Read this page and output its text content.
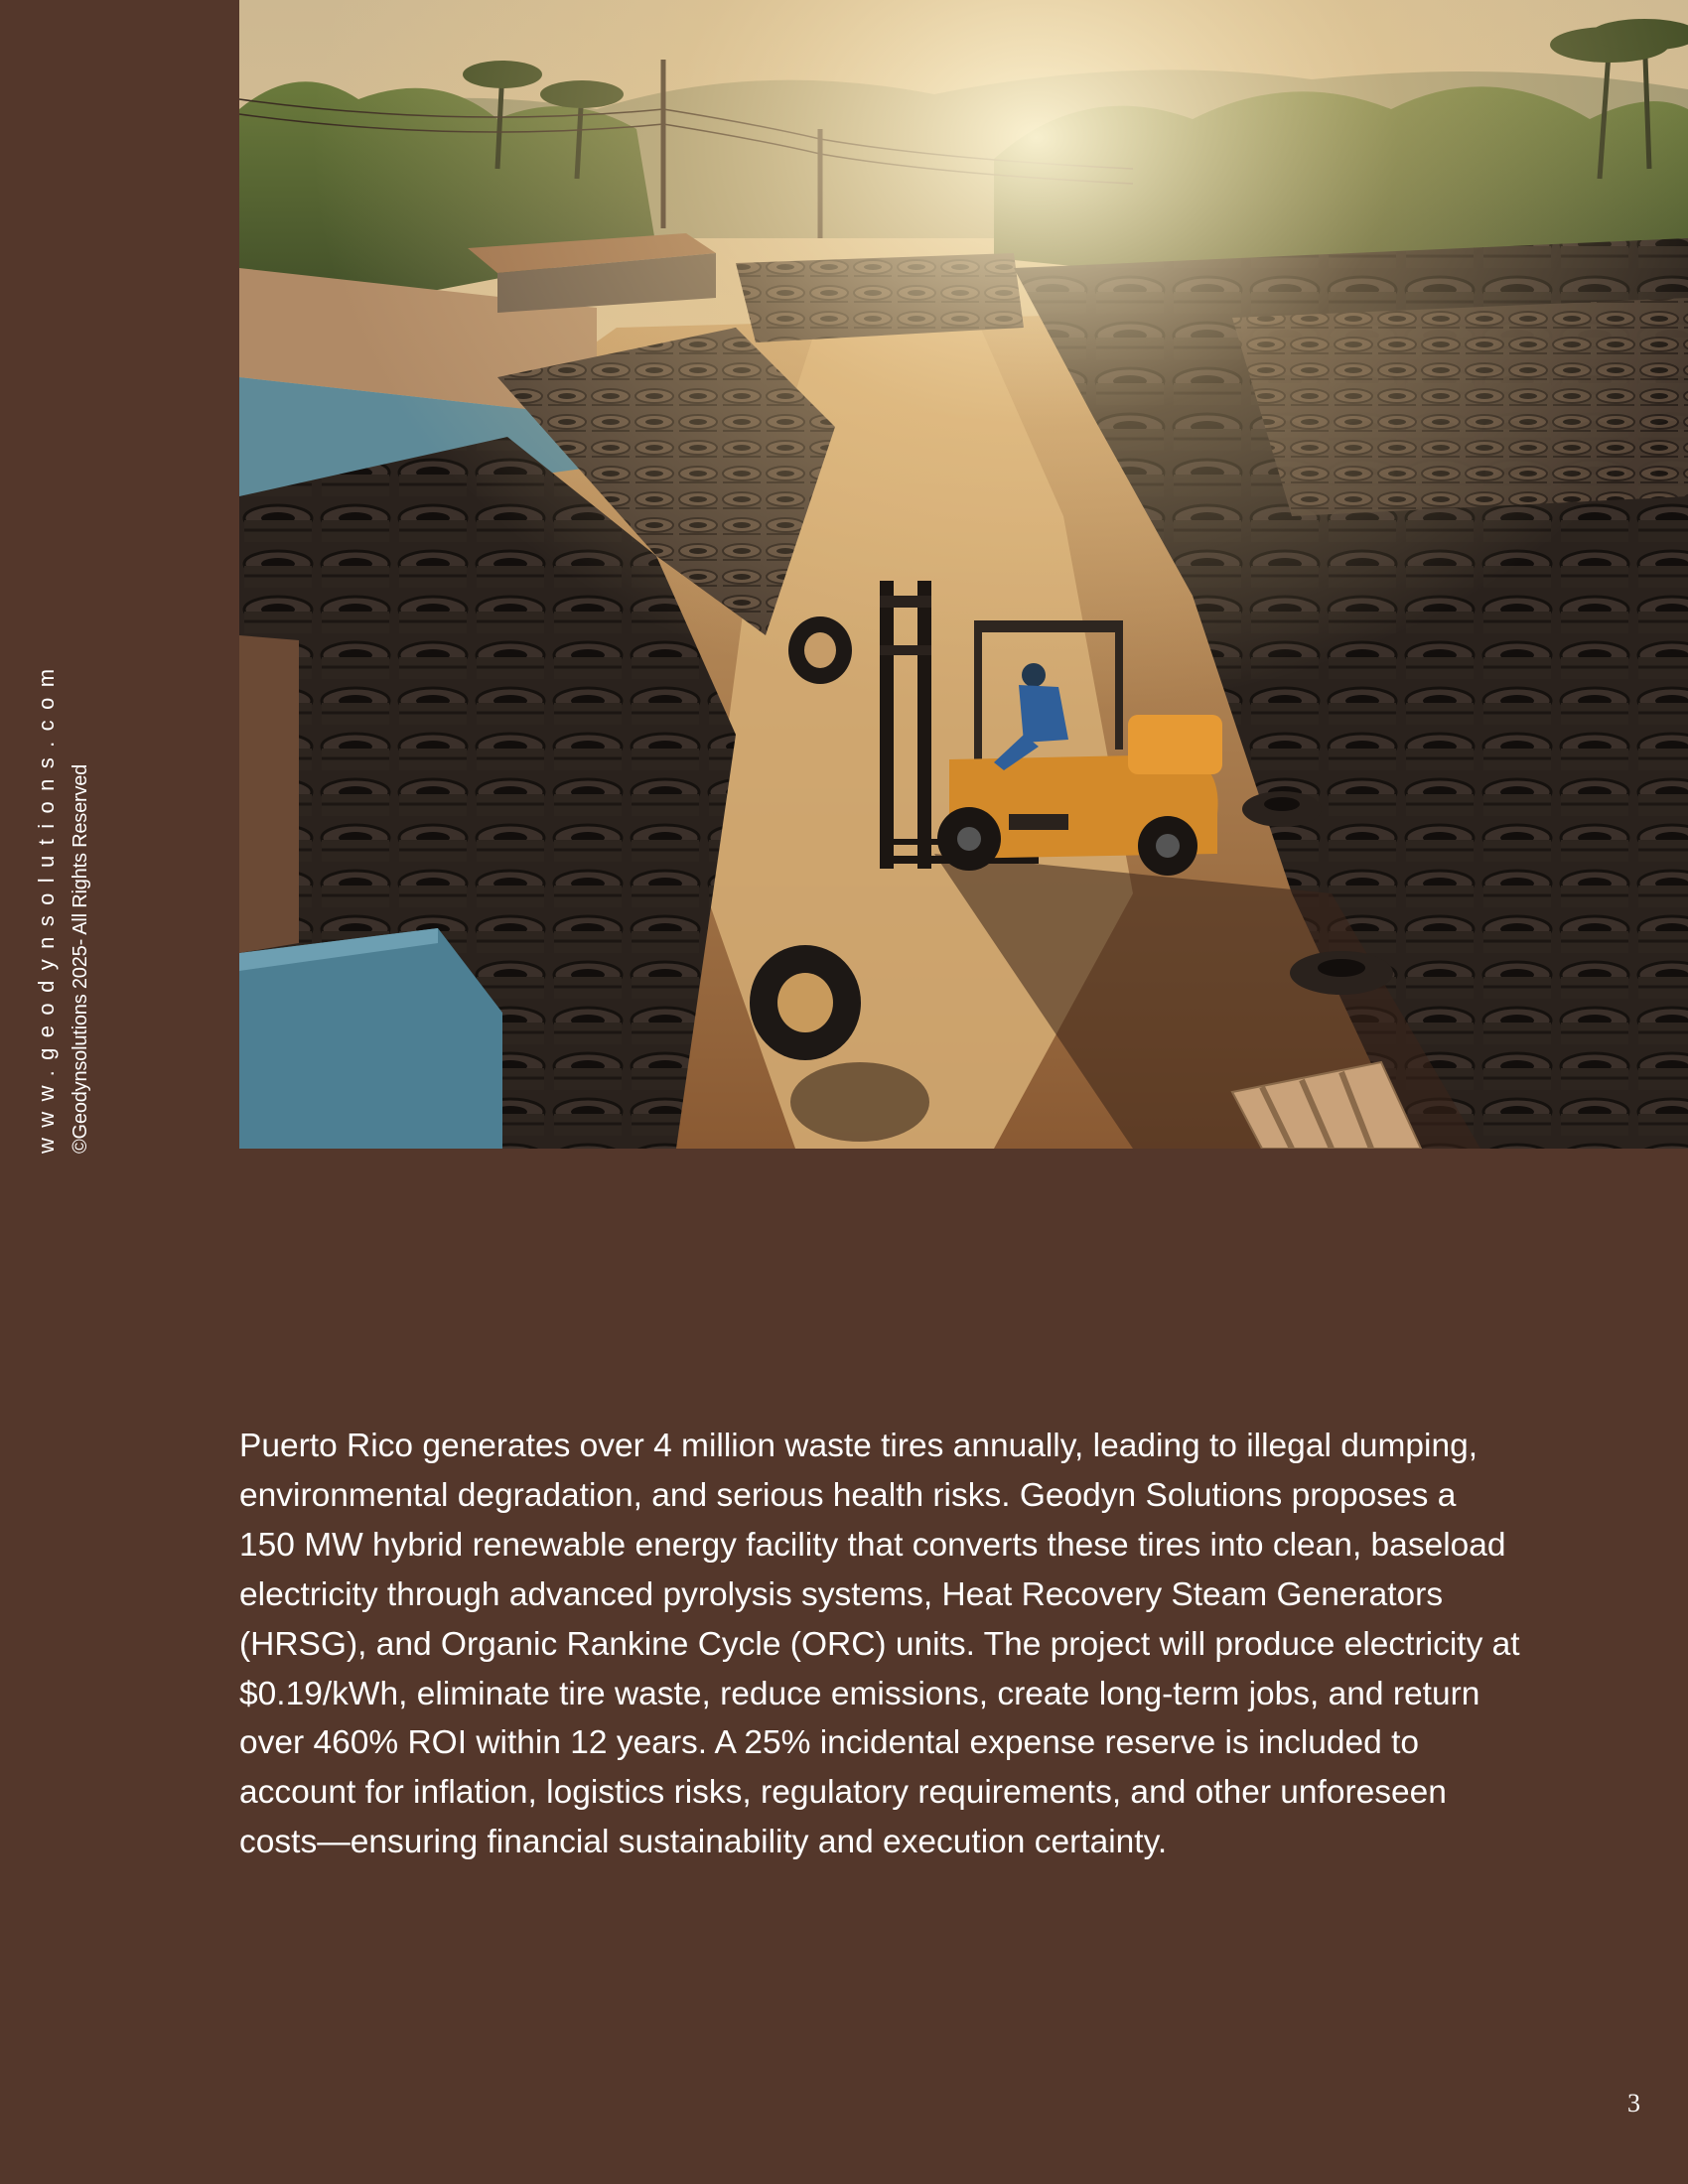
www.geodynsolutions.com ©Geodynsolutions 2025- All Rights Reserved

Puerto Rico generates over 4 million waste tires annually, leading to illegal dumping, environmental degradation, and serious health risks. Geodyn Solutions proposes a 150 MW hybrid renewable energy facility that converts these tires into clean, baseload electricity through advanced pyrolysis systems, Heat Recovery Steam Generators (HRSG), and Organic Rankine Cycle (ORC) units. The project will produce electricity at $0.19/kWh, eliminate tire waste, reduce emissions, create long-term jobs, and return over 460% ROI within 12 years. A 25% incidental expense reserve is included to account for inflation, logistics risks, regulatory requirements, and other unforeseen costs—ensuring financial sustainability and execution certainty.

3
